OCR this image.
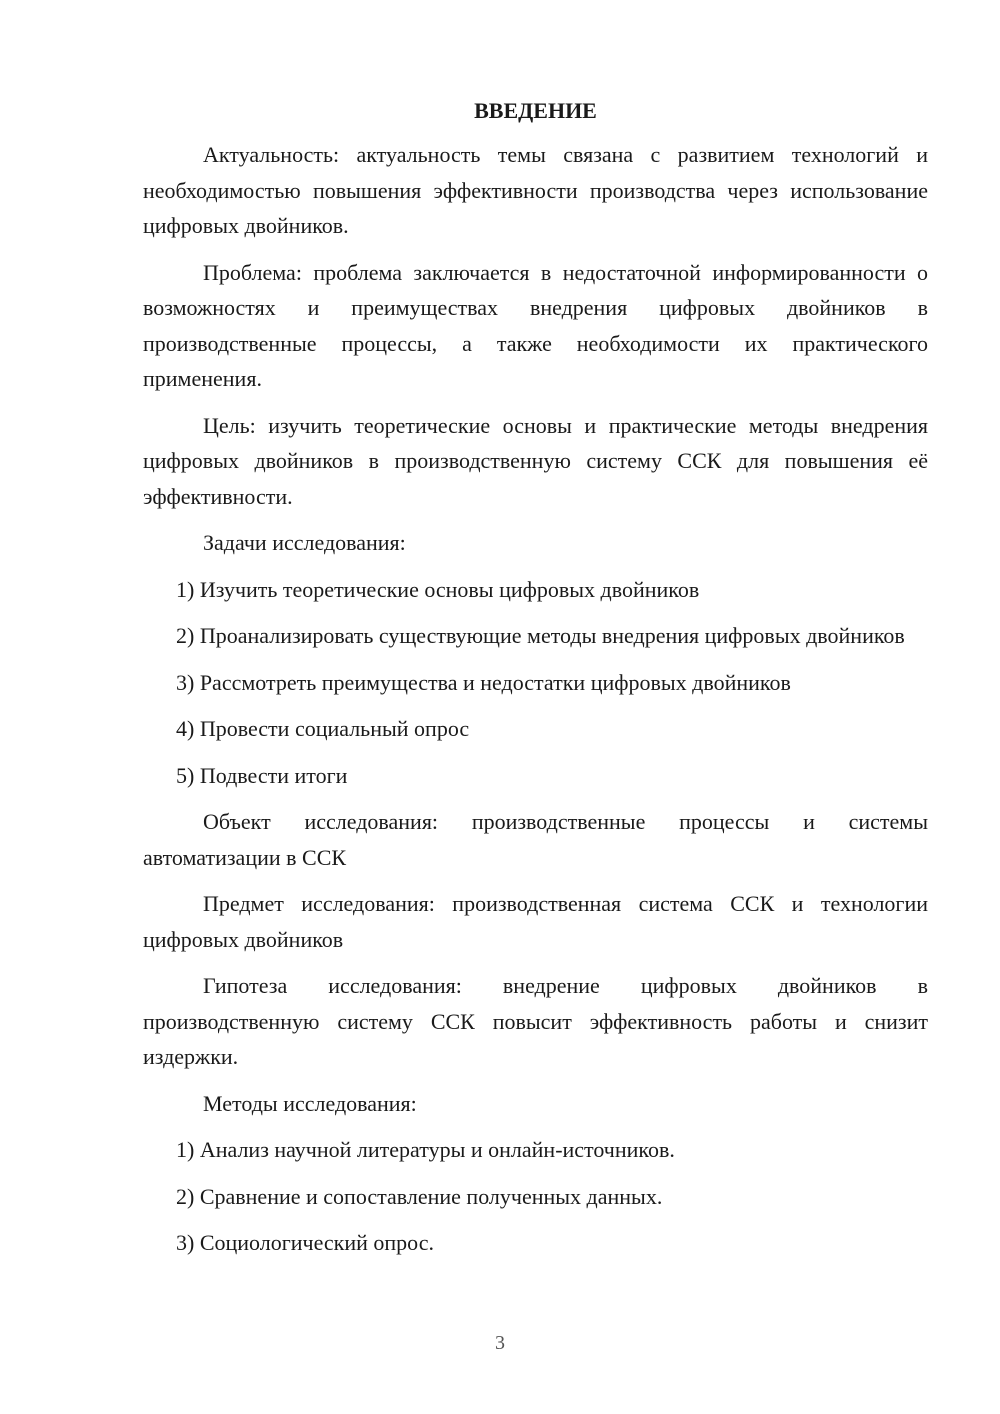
ВВЕДЕНИЕ

Актуальность: актуальность темы связана с развитием технологий и необходимостью повышения эффективности производства через использование цифровых двойников.

Проблема: проблема заключается в недостаточной информированности о возможностях и преимуществах внедрения цифровых двойников в производственные процессы, а также необходимости их практического применения.

Цель: изучить теоретические основы и практические методы внедрения цифровых двойников в производственную систему ССК для повышения её эффективности.

Задачи исследования:

1) Изучить теоретические основы цифровых двойников

2) Проанализировать существующие методы внедрения цифровых двойников

3) Рассмотреть преимущества и недостатки цифровых двойников

4) Провести социальный опрос

5) Подвести итоги

Объект исследования: производственные процессы и системы автоматизации в ССК

Предмет исследования: производственная система ССК и технологии цифровых двойников

Гипотеза исследования: внедрение цифровых двойников в производственную систему ССК повысит эффективность работы и снизит издержки.

Методы исследования:

1) Анализ научной литературы и онлайн-источников.

2) Сравнение и сопоставление полученных данных.

3) Социологический опрос.

3
